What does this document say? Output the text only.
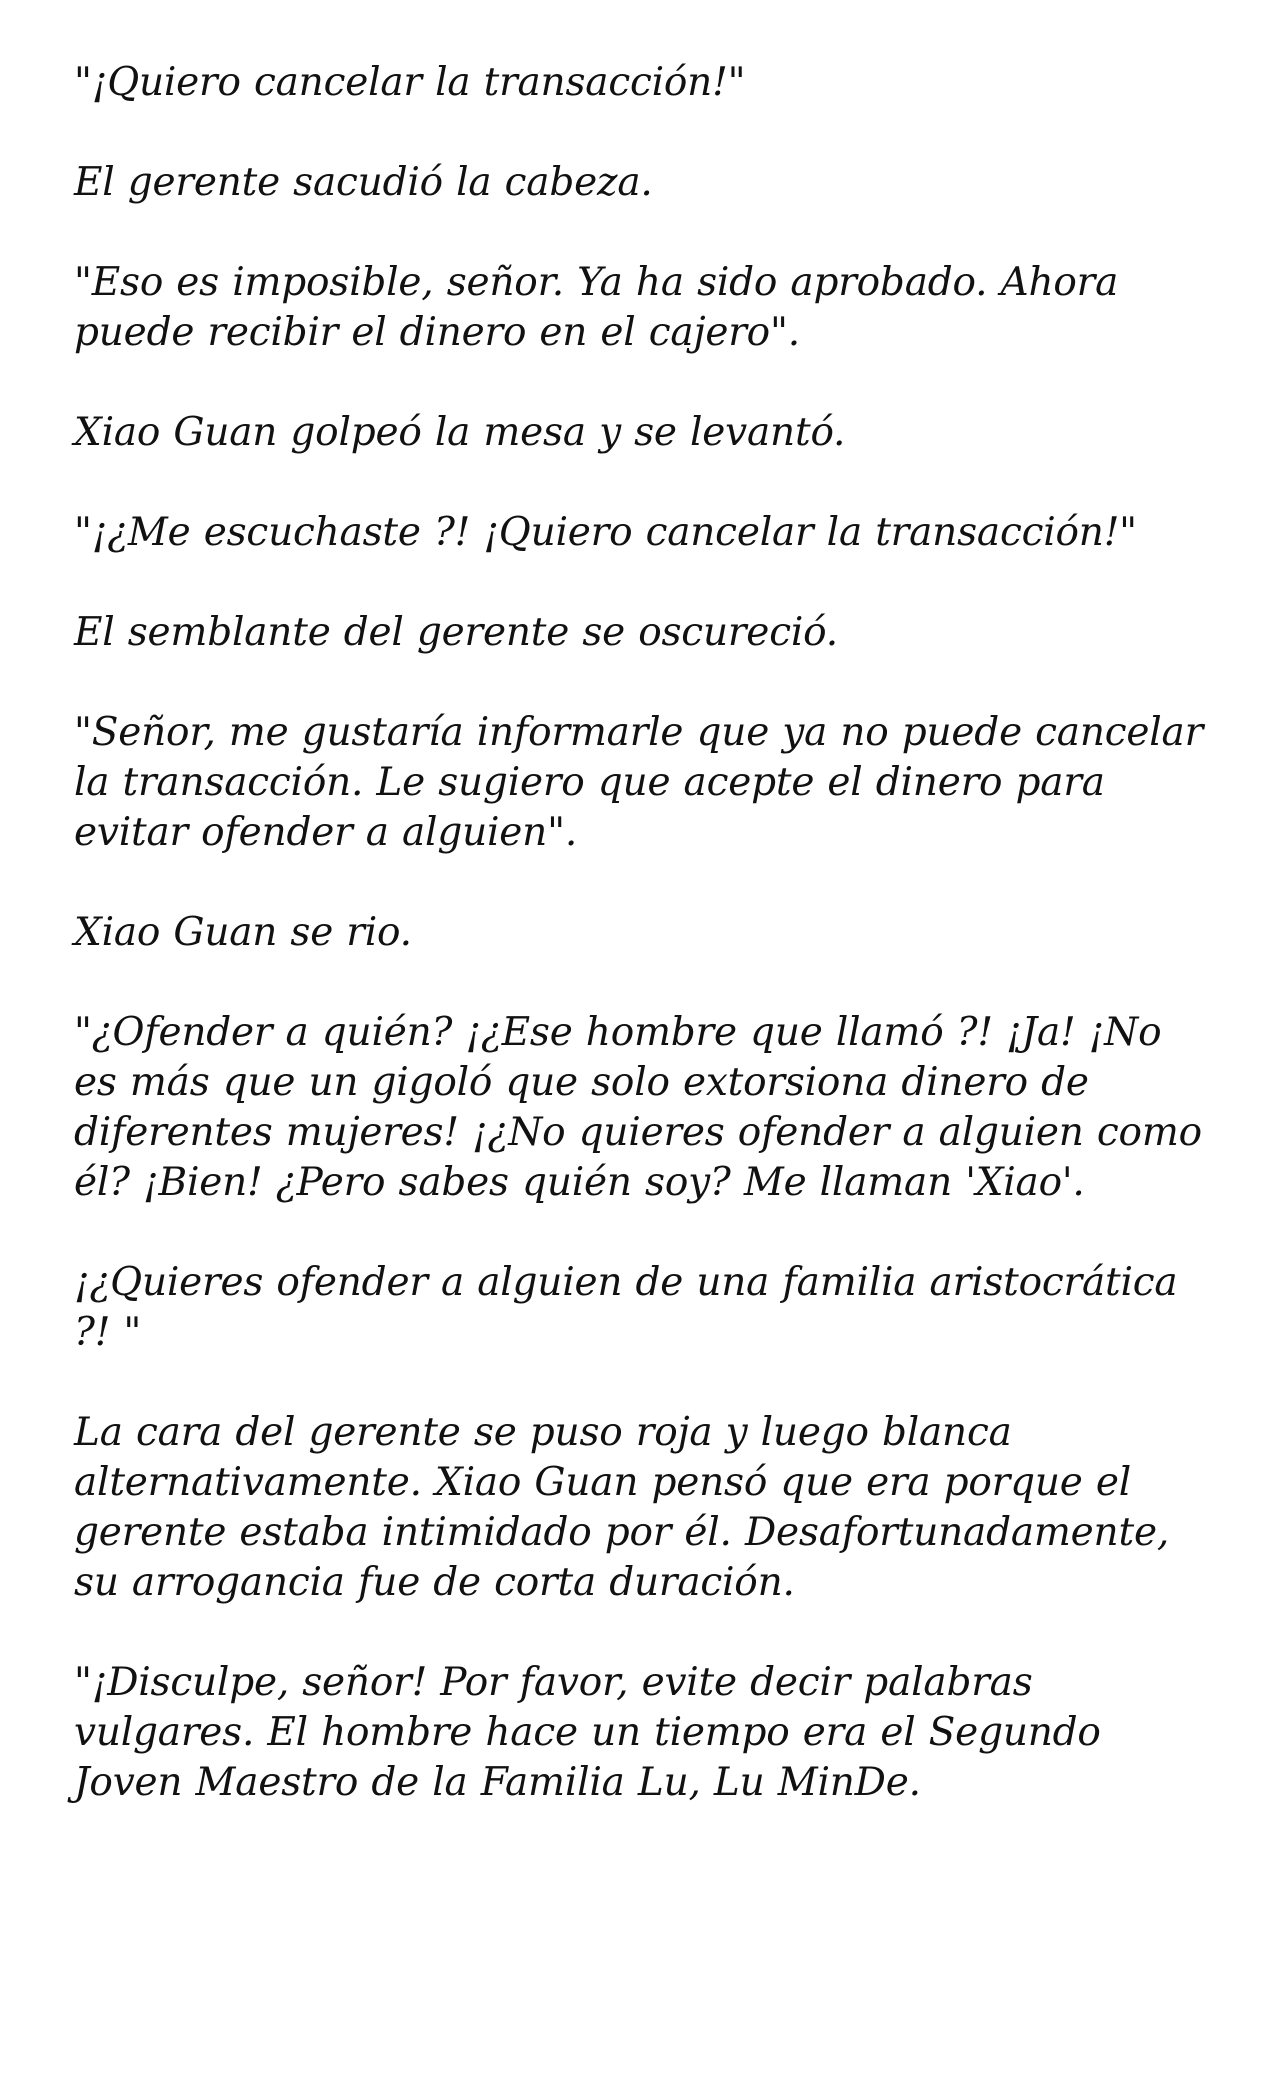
"¡Quiero cancelar la transacción!"

El gerente sacudió la cabeza.

"Eso es imposible, señor. Ya ha sido aprobado. Ahora puede recibir el dinero en el cajero".

Xiao Guan golpeó la mesa y se levantó.

"¡¿Me escuchaste ?! ¡Quiero cancelar la transacción!"

El semblante del gerente se oscureció.

"Señor, me gustaría informarle que ya no puede cancelar la transacción. Le sugiero que acepte el dinero para evitar ofender a alguien".

Xiao Guan se rio.

"¿Ofender a quién? ¡¿Ese hombre que llamó ?! ¡Ja! ¡No es más que un gigoló que solo extorsiona dinero de diferentes mujeres! ¡¿No quieres ofender a alguien como él? ¡Bien! ¿Pero sabes quién soy? Me llaman 'Xiao'.

¡¿Quieres ofender a alguien de una familia aristocrática ?! "

La cara del gerente se puso roja y luego blanca alternativamente. Xiao Guan pensó que era porque el gerente estaba intimidado por él. Desafortunadamente, su arrogancia fue de corta duración.

"¡Disculpe, señor! Por favor, evite decir palabras vulgares. El hombre hace un tiempo era el Segundo Joven Maestro de la Familia Lu, Lu MinDe.
